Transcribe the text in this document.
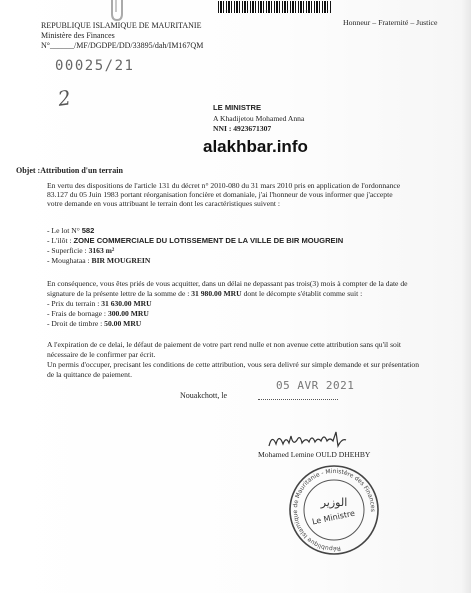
REPUBLIQUE ISLAMIQUE DE MAURITANIE
Ministère des Finances
N°______/MF/DGDPE/DD/33895/dah/IM167QM
Honneur – Fraternité – Justice
00025/21
2	LE MINISTRE
A Khadijetou Mohamed Anna
NNI : 4923671307
alakhbar.info
Objet :Attribution d'un terrain
En vertu des dispositions de l'article 131 du décret n° 2010-080 du 31 mars 2010 pris en application de l'ordonnance
83.127 du 05 Juin 1983 portant réorganisation foncière et domaniale, j'ai l'honneur de vous informer que j'accepte
votre demande en vous attribuant le terrain dont les caractéristiques suivent :
- Le lot N° 582
- L'ilôt : ZONE COMMERCIALE DU LOTISSEMENT DE LA VILLE DE BIR MOUGREIN
- Superficie : 3163 m²
- Moughataa : BIR MOUGREIN
En conséquence, vous êtes priés de vous acquitter, dans un délai ne depassant pas trois(3) mois à compter de la date de
signature de la présente lettre de la somme de : 31 980.00 MRU dont le décompte s'établit comme suit :
- Prix du terrain : 31 630.00 MRU
- Frais de bornage : 300.00 MRU
- Droit de timbre : 50.00 MRU
A l'expiration de ce delai, le défaut de paiement de votre part rend nulle et non avenue cette attribution sans qu'il soit
nécessaire de le confirmer par écrit.
Un permis d'occuper, precisant les conditions de cette attribution, vous sera delivré sur simple demande et sur présentation
de la quittance de paiement.
Nouakchott, le
05 AVR 2021
Mohamed Lemine OULD DHEHBY
République Islamique de Mauritanie - Ministère des Finances
الوزير
Le Ministre
